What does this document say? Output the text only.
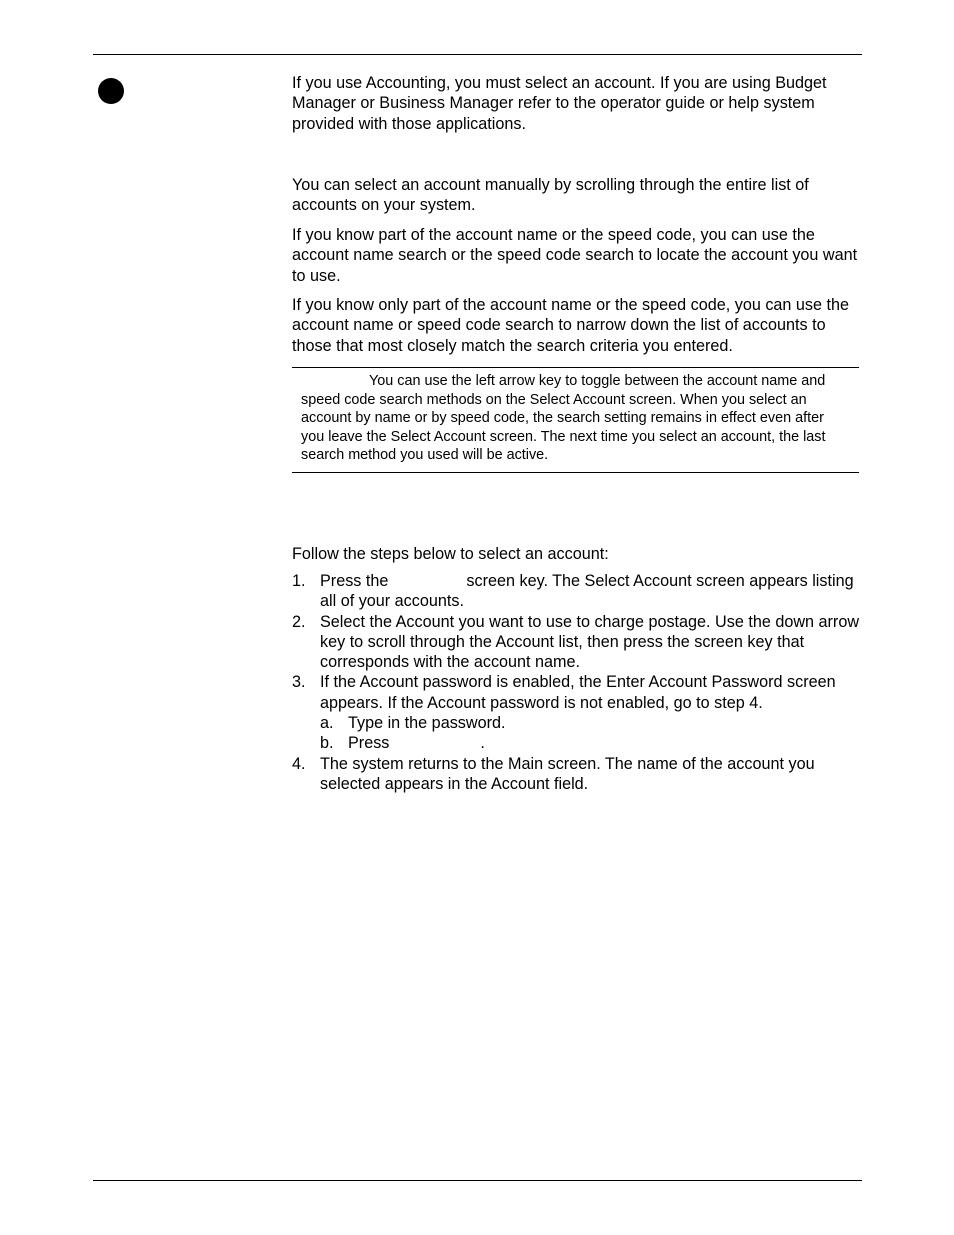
If you use Accounting, you must select an account. If you are using Budget Manager or Business Manager refer to the operator guide or help system provided with those applications.

You can select an account manually by scrolling through the entire list of accounts on your system.

If you know part of the account name or the speed code, you can use the account name search or the speed code search to locate the account you want to use.

If you know only part of the account name or the speed code, you can use the account name or speed code search to narrow down the list of accounts to those that most closely match the search criteria you entered.

You can use the left arrow key to toggle between the account name and speed code search methods on the Select Account screen. When you select an account by name or by speed code, the search setting remains in effect even after you leave the Select Account screen. The next time you select an account, the last search method you used will be active.

Follow the steps below to select an account:

1. Press the	screen key. The Select Account screen appears listing all of your accounts.
2. Select the Account you want to use to charge postage. Use the down arrow key to scroll through the Account list, then press the screen key that corresponds with the account name.
3. If the Account password is enabled, the Enter Account Password screen appears. If the Account password is not enabled, go to step 4.
a. Type in the password.
b. Press	.
4. The system returns to the Main screen. The name of the account you selected appears in the Account field.
